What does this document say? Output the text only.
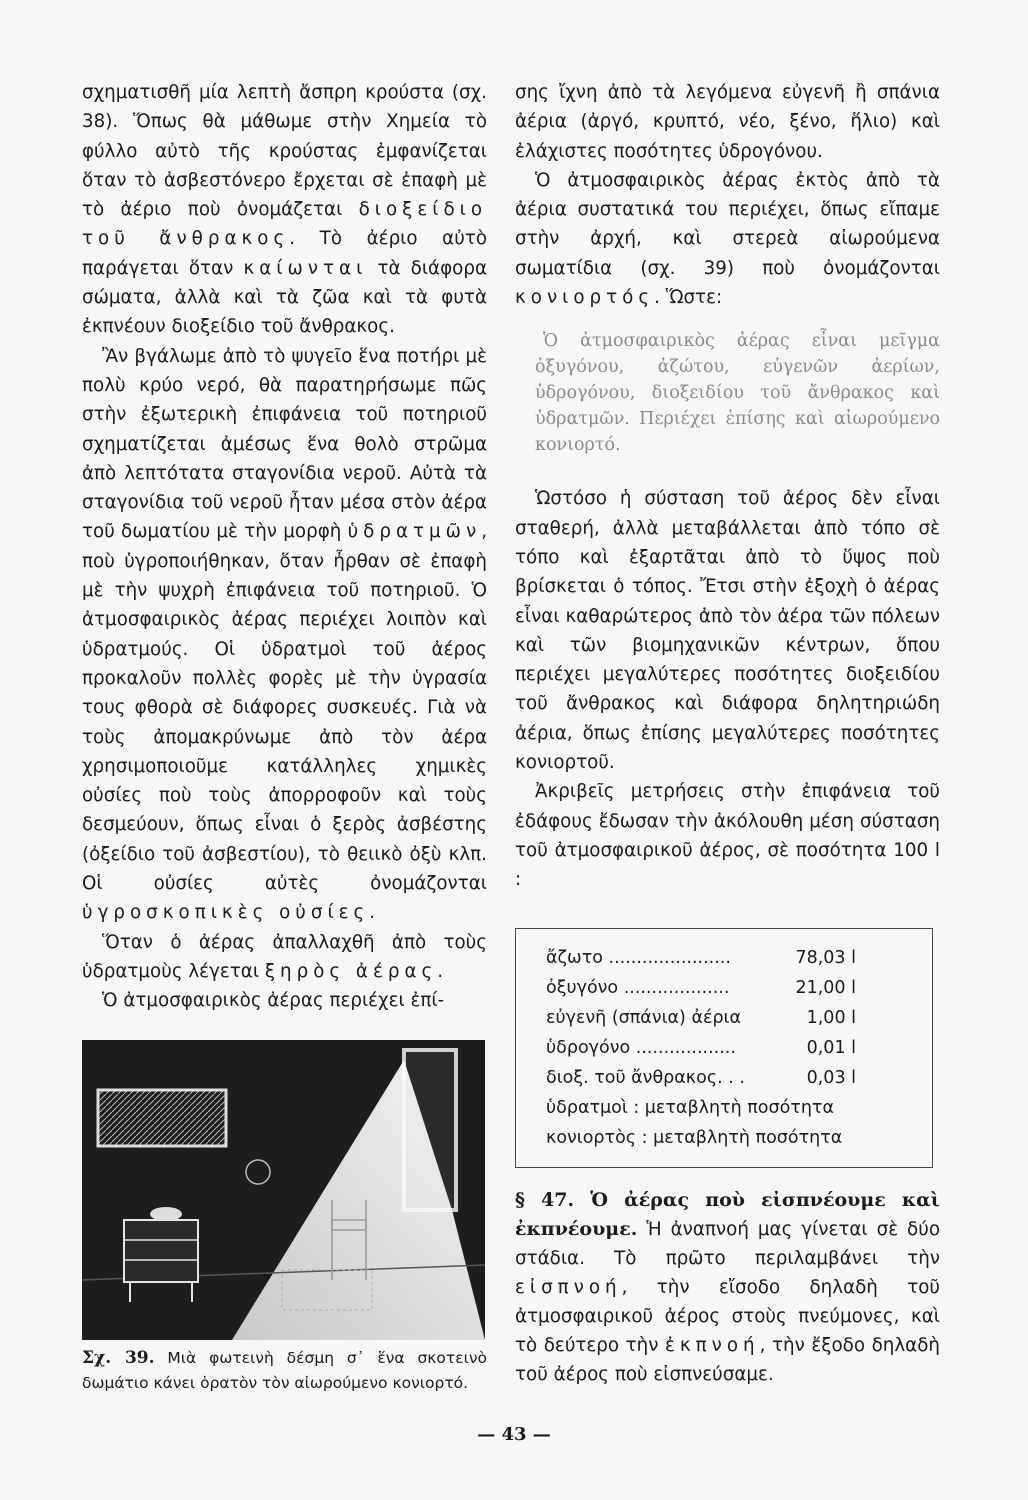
σχηματισθῆ μία λεπτὴ ἄσπρη κρούστα (σχ. 38). Ὅπως θὰ μάθωμε στὴν Χημεία τὸ φύλλο αὐτὸ τῆς κρούστας ἐμφανίζεται ὅταν τὸ ἀσβεστόνερο ἔρχεται σὲ ἐπαφὴ μὲ τὸ ἀέριο ποὺ ὀνομάζεται διοξείδιο τοῦ ἄνθρακος. Τὸ ἀέριο αὐτὸ παράγεται ὅταν καίωνται τὰ διάφορα σώματα, ἀλλὰ καὶ τὰ ζῶα καὶ τὰ φυτὰ ἐκπνέουν διοξείδιο τοῦ ἄνθρακος.

Ἂν βγάλωμε ἀπὸ τὸ ψυγεῖο ἕνα ποτήρι μὲ πολὺ κρύο νερό, θὰ παρατηρήσωμε πῶς στὴν ἐξωτερικὴ ἐπιφάνεια τοῦ ποτηριοῦ σχηματίζεται ἀμέσως ἕνα θολὸ στρῶμα ἀπὸ λεπτότατα σταγονίδια νεροῦ. Αὐτὰ τὰ σταγονίδια τοῦ νεροῦ ἦταν μέσα στὸν ἀέρα τοῦ δωματίου μὲ τὴν μορφὴ ὑδρατμῶν, ποὺ ὑγροποιήθηκαν, ὅταν ἦρθαν σὲ ἐπαφὴ μὲ τὴν ψυχρὴ ἐπιφάνεια τοῦ ποτηριοῦ. Ὁ ἀτμοσφαιρικὸς ἀέρας περιέχει λοιπὸν καὶ ὑδρατμούς. Οἱ ὑδρατμοὶ τοῦ ἀέρος προκαλοῦν πολλὲς φορὲς μὲ τὴν ὑγρασία τους φθορὰ σὲ διάφορες συσκευές. Γιὰ νὰ τοὺς ἀπομακρύνωμε ἀπὸ τὸν ἀέρα χρησιμοποιοῦμε κατάλληλες χημικὲς οὐσίες ποὺ τοὺς ἀπορροφοῦν καὶ τοὺς δεσμεύουν, ὅπως εἶναι ὁ ξερὸς ἀσβέστης (ὀξείδιο τοῦ ἀσβεστίου), τὸ θειικὸ ὀξὺ κλπ. Οἱ οὐσίες αὐτὲς ὀνομάζονται ὑγροσκοπικὲς οὐσίες.

Ὅταν ὁ ἀέρας ἀπαλλαχθῆ ἀπὸ τοὺς ὑδρατμοὺς λέγεται ξηρὸς ἀέρας.

Ὁ ἀτμοσφαιρικὸς ἀέρας περιέχει ἐπί-

Σχ. 39. Μιὰ φωτεινὴ δέσμη σ᾽ ἕνα σκοτεινὸ δωμάτιο κάνει ὁρατὸν τὸν αἰωρούμενο κονιορτό.

σης ἴχνη ἀπὸ τὰ λεγόμενα εὐγενῆ ἢ σπάνια ἀέρια (ἀργό, κρυπτό, νέο, ξένο, ἥλιο) καὶ ἐλάχιστες ποσότητες ὑδρογόνου.

Ὁ ἀτμοσφαιρικὸς ἀέρας ἐκτὸς ἀπὸ τὰ ἀέρια συστατικά του περιέχει, ὅπως εἴπαμε στὴν ἀρχή, καὶ στερεὰ αἰωρούμενα σωματίδια (σχ. 39) ποὺ ὀνομάζονται κονιορτός. Ὥστε:

Ὁ ἀτμοσφαιρικὸς ἀέρας εἶναι μεῖγμα ὀξυγόνου, ἀζώτου, εὐγενῶν ἀερίων, ὑδρογόνου, διοξειδίου τοῦ ἄνθρακος καὶ ὑδρατμῶν. Περιέχει ἐπίσης καὶ αἰωρούμενο κονιορτό.

Ὡστόσο ἡ σύσταση τοῦ ἀέρος δὲν εἶναι σταθερή, ἀλλὰ μεταβάλλεται ἀπὸ τόπο σὲ τόπο καὶ ἐξαρτᾶται ἀπὸ τὸ ὕψος ποὺ βρίσκεται ὁ τόπος. Ἔτσι στὴν ἐξοχὴ ὁ ἀέρας εἶναι καθαρώτερος ἀπὸ τὸν ἀέρα τῶν πόλεων καὶ τῶν βιομηχανικῶν κέντρων, ὅπου περιέχει μεγαλύτερες ποσότητες διοξειδίου τοῦ ἄνθρακος καὶ διάφορα δηλητηριώδη ἀέρια, ὅπως ἐπίσης μεγαλύτερες ποσότητες κονιορτοῦ.

Ἀκριβεῖς μετρήσεις στὴν ἐπιφάνεια τοῦ ἐδάφους ἔδωσαν τὴν ἀκόλουθη μέση σύσταση τοῦ ἀτμοσφαιρικοῦ ἀέρος, σὲ ποσότητα 100 l :

ἄζωτο ......................	78,03 l
ὀξυγόνο ...................	21,00 l
εὐγενῆ (σπάνια) ἀέρια	1,00 l
ὑδρογόνο ..................	0,01 l
διοξ. τοῦ ἄνθρακος. . .	0,03 l
ὑδρατμοὶ : μεταβλητὴ ποσότητα
κονιορτὸς : μεταβλητὴ ποσότητα
§ 47. Ὁ ἀέρας ποὺ εἰσπνέουμε καὶ ἐκπνέουμε. Ἡ ἀναπνοή μας γίνεται σὲ δύο στάδια. Τὸ πρῶτο περιλαμβάνει τὴν εἰσπνοή, τὴν εἴσοδο δηλαδὴ τοῦ ἀτμοσφαιρικοῦ ἀέρος στοὺς πνεύμονες, καὶ τὸ δεύτερο τὴν ἐκπνοή, τὴν ἔξοδο δηλαδὴ τοῦ ἀέρος ποὺ εἰσπνεύσαμε.
— 43 —
